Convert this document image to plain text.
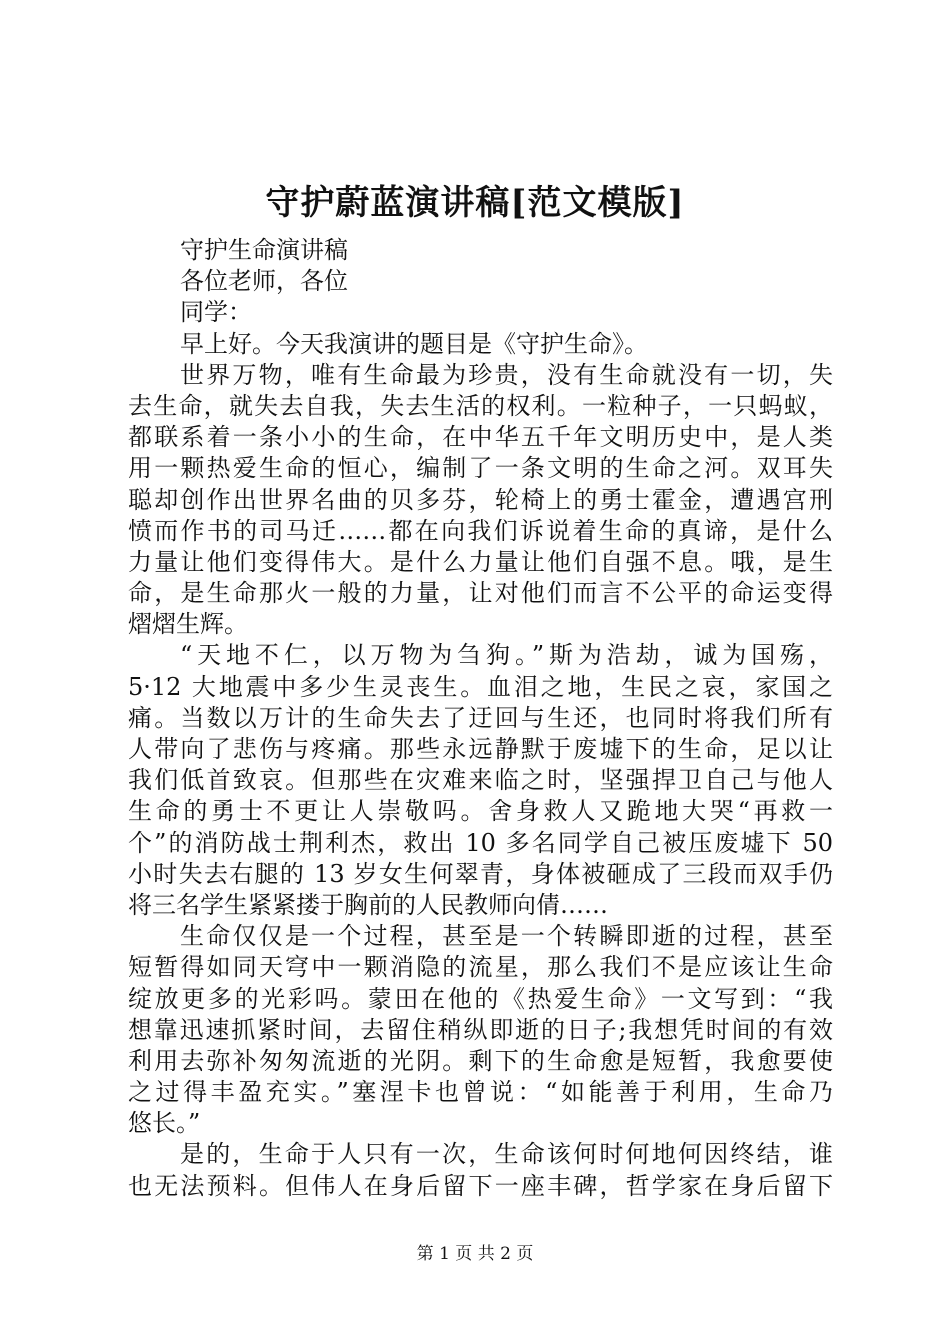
守护蔚蓝演讲稿[范文模版]
守护生命演讲稿
各位老师，各位
同学：
早上好。今天我演讲的题目是《守护生命》。
世界万物，唯有生命最为珍贵，没有生命就没有一切，失
去生命，就失去自我，失去生活的权利。一粒种子，一只蚂蚁，
都联系着一条小小的生命，在中华五千年文明历史中，是人类
用一颗热爱生命的恒心，编制了一条文明的生命之河。双耳失
聪却创作出世界名曲的贝多芬，轮椅上的勇士霍金，遭遇宫刑
愤而作书的司马迁……都在向我们诉说着生命的真谛，是什么
力量让他们变得伟大。是什么力量让他们自强不息。哦，是生
命，是生命那火一般的力量，让对他们而言不公平的命运变得
熠熠生辉。
“天地不仁，以万物为刍狗。”斯为浩劫，诚为国殇，
5·12 大地震中多少生灵丧生。血泪之地，生民之哀，家国之
痛。当数以万计的生命失去了迂回与生还，也同时将我们所有
人带向了悲伤与疼痛。那些永远静默于废墟下的生命，足以让
我们低首致哀。但那些在灾难来临之时，坚强捍卫自己与他人
生命的勇士不更让人崇敬吗。舍身救人又跪地大哭“再救一
个”的消防战士荆利杰，救出 10 多名同学自己被压废墟下 50
小时失去右腿的 13 岁女生何翠青，身体被砸成了三段而双手仍
将三名学生紧紧搂于胸前的人民教师向倩……
生命仅仅是一个过程，甚至是一个转瞬即逝的过程，甚至
短暂得如同天穹中一颗消隐的流星，那么我们不是应该让生命
绽放更多的光彩吗。蒙田在他的《热爱生命》一文写到：“我
想靠迅速抓紧时间，去留住稍纵即逝的日子;我想凭时间的有效
利用去弥补匆匆流逝的光阴。剩下的生命愈是短暂，我愈要使
之过得丰盈充实。”塞涅卡也曾说：“如能善于利用，生命乃
悠长。”
是的，生命于人只有一次，生命该何时何地何因终结，谁
也无法预料。但伟人在身后留下一座丰碑，哲学家在身后留下
第 1 页 共 2 页
